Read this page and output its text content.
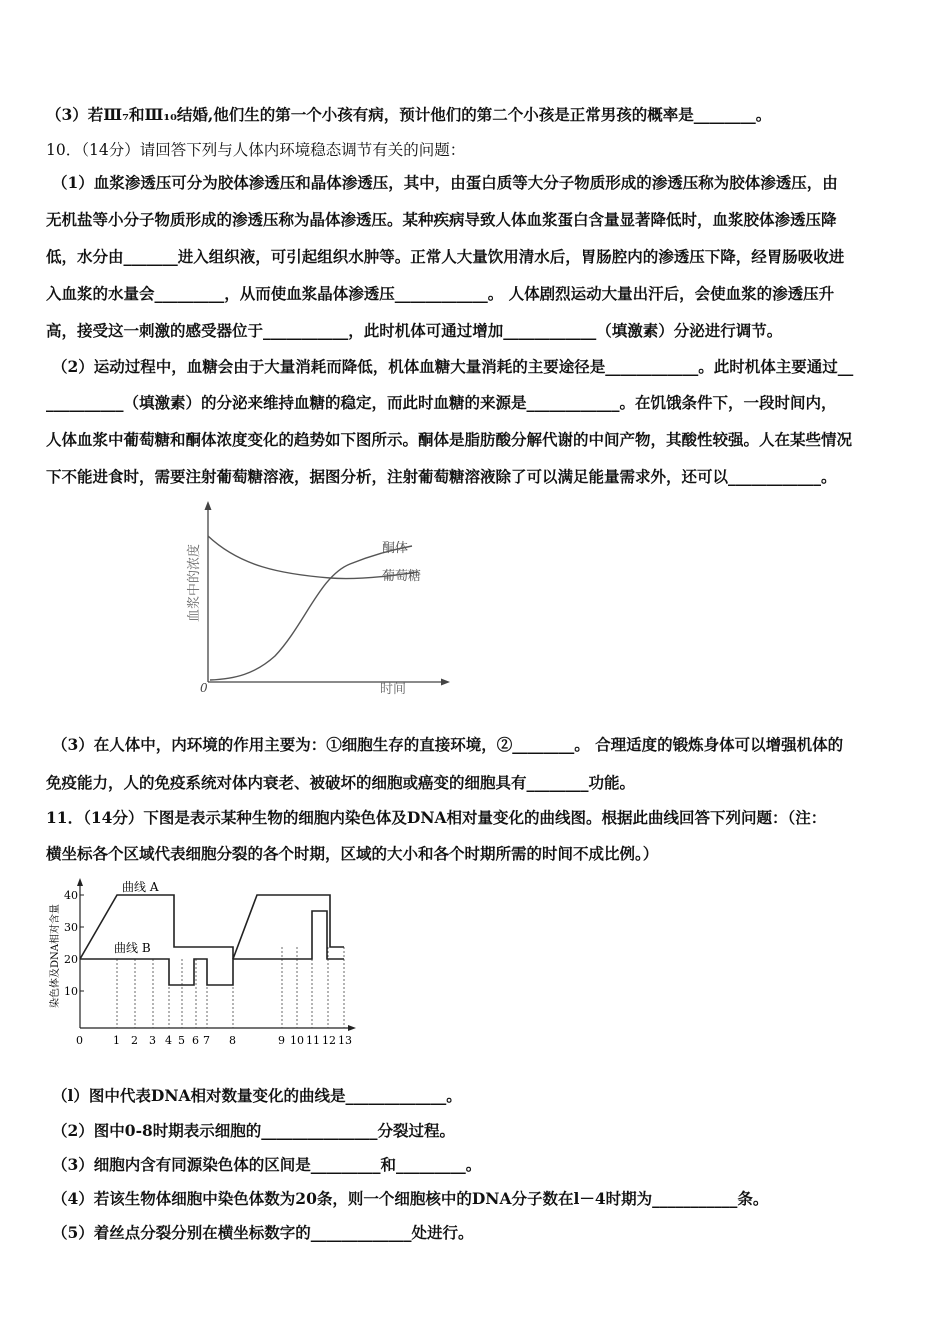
（3）若Ⅲ₇和Ⅲ₁₀结婚,他们生的第一个小孩有病，预计他们的第二个小孩是正常男孩的概率是________。
10．（14分）请回答下列与人体内环境稳态调节有关的问题：
（1）血浆渗透压可分为胶体渗透压和晶体渗透压，其中，由蛋白质等大分子物质形成的渗透压称为胶体渗透压，由
无机盐等小分子物质形成的渗透压称为晶体渗透压。某种疾病导致人体血浆蛋白含量显著降低时，血浆胶体渗透压降
低，水分由_______进入组织液，可引起组织水肿等。正常人大量饮用清水后，胃肠腔内的渗透压下降，经胃肠吸收进
入血浆的水量会_________，从而使血浆晶体渗透压____________。 人体剧烈运动大量出汗后，会使血浆的渗透压升
高，接受这一刺激的感受器位于___________，此时机体可通过增加____________（填激素）分泌进行调节。
（2）运动过程中，血糖会由于大量消耗而降低，机体血糖大量消耗的主要途径是____________。此时机体主要通过__
__________（填激素）的分泌来维持血糖的稳定，而此时血糖的来源是____________。在饥饿条件下，一段时间内，
人体血浆中葡萄糖和酮体浓度变化的趋势如下图所示。酮体是脂肪酸分解代谢的中间产物，其酸性较强。人在某些情况
下不能进食时，需要注射葡萄糖溶液，据图分析，注射葡萄糖溶液除了可以满足能量需求外，还可以____________。
0	时间
血浆中的浓度	酮体
葡萄糖
（3）在人体中，内环境的作用主要为：①细胞生存的直接环境，②________。 合理适度的锻炼身体可以增强机体的
免疫能力，人的免疫系统对体内衰老、被破坏的细胞或癌变的细胞具有________功能。
11．（14分）下图是表示某种生物的细胞内染色体及DNA相对量变化的曲线图。根据此曲线回答下列问题：（注：
横坐标各个区域代表细胞分裂的各个时期，区域的大小和各个时期所需的时间不成比例。）
40
30
20
10
染色体及DNA相对含量
曲线 A
曲线 B
0	1 2 3 4 5 6 7 8	9 10 11 12 13
（l）图中代表DNA相对数量变化的曲线是_____________。
（2）图中0-8时期表示细胞的_______________分裂过程。
（3）细胞内含有同源染色体的区间是_________和_________。
（4）若该生物体细胞中染色体数为20条，则一个细胞核中的DNA分子数在l－4时期为___________条。
（5）着丝点分裂分别在横坐标数字的_____________处进行。
